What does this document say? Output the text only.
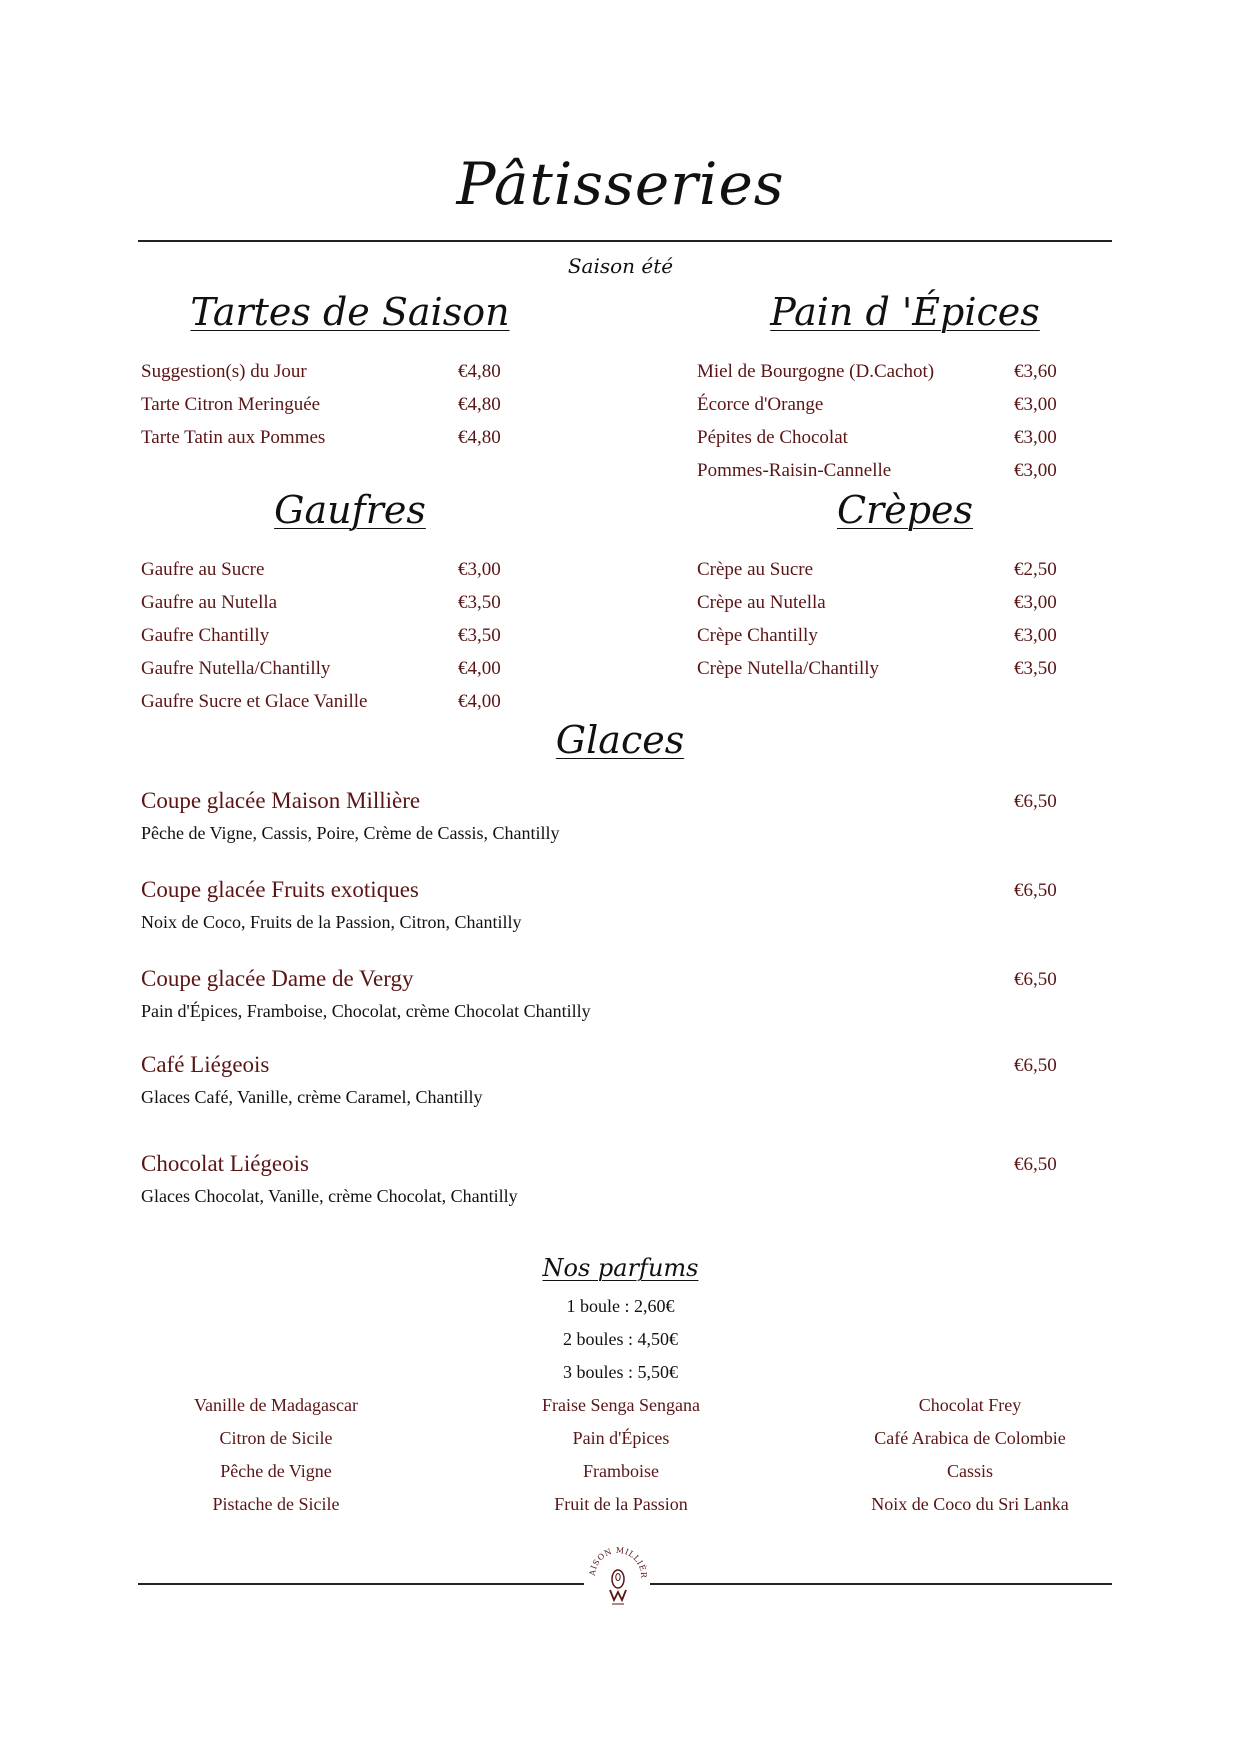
Pâtisseries
Saison été
Tartes de Saison
Suggestion(s) du Jour	€4,80
Tarte Citron Meringuée	€4,80
Tarte Tatin aux Pommes	€4,80
Pain d 'Épices
Miel de Bourgogne (D.Cachot)	€3,60
Écorce d'Orange	€3,00
Pépites de Chocolat	€3,00
Pommes-Raisin-Cannelle	€3,00
Gaufres
Gaufre au Sucre	€3,00
Gaufre au Nutella	€3,50
Gaufre Chantilly	€3,50
Gaufre Nutella/Chantilly	€4,00
Gaufre Sucre et Glace Vanille	€4,00
Crèpes
Crèpe au Sucre	€2,50
Crèpe au Nutella	€3,00
Crèpe Chantilly	€3,00
Crèpe Nutella/Chantilly	€3,50
Glaces
Coupe glacée Maison Millière	€6,50
Pêche de Vigne, Cassis, Poire, Crème de Cassis, Chantilly
Coupe glacée Fruits exotiques	€6,50
Noix de Coco, Fruits de la Passion, Citron, Chantilly
Coupe glacée Dame de Vergy	€6,50
Pain d'Épices, Framboise, Chocolat, crème Chocolat Chantilly
Café Liégeois	€6,50
Glaces Café, Vanille, crème Caramel, Chantilly
Chocolat Liégeois	€6,50
Glaces Chocolat, Vanille, crème Chocolat, Chantilly
Nos parfums
1 boule : 2,60€
2 boules : 4,50€
3 boules : 5,50€
Vanille de Madagascar
Citron de Sicile
Pêche de Vigne
Pistache de Sicile
Fraise Senga Sengana
Pain d'Épices
Framboise
Fruit de la Passion
Chocolat Frey
Café Arabica de Colombie
Cassis
Noix de Coco du Sri Lanka
AISON MILLIÈR
